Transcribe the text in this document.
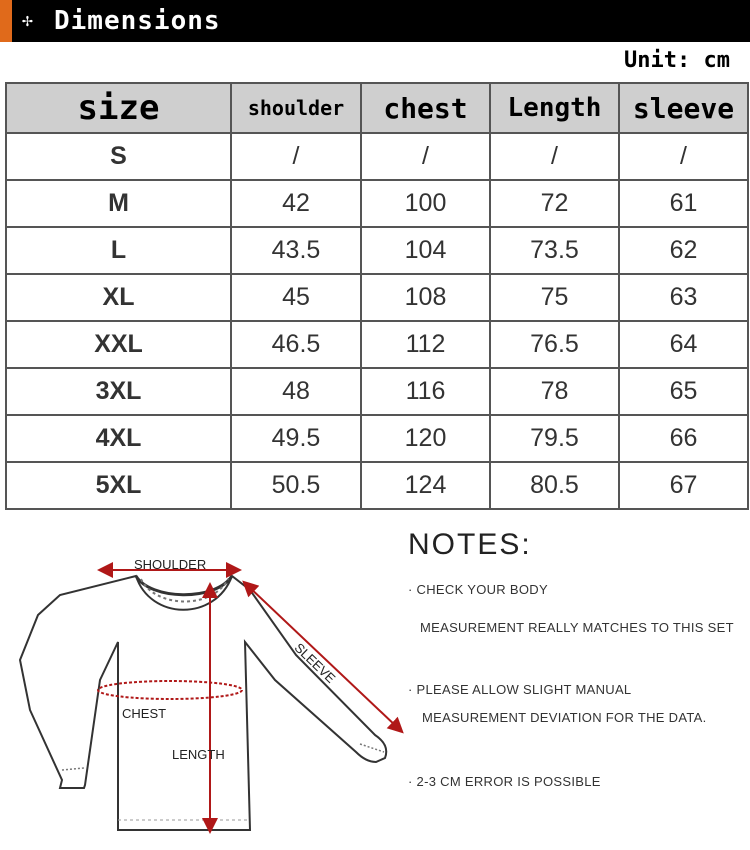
✢ Dimensions
Unit: cm
size	shoulder	chest	Length	sleeve
S	/	/	/	/
M	42	100	72	61
L	43.5	104	73.5	62
XL	45	108	75	63
XXL	46.5	112	76.5	64
3XL	48	116	78	65
4XL	49.5	120	79.5	66
5XL	50.5	124	80.5	67
SHOULDER
SLEEVE
CHEST
LENGTH
NOTES:
· CHECK YOUR BODY
MEASUREMENT REALLY MATCHES TO THIS SET
· PLEASE ALLOW SLIGHT MANUAL
MEASUREMENT DEVIATION FOR THE DATA.
· 2-3 CM ERROR IS POSSIBLE
